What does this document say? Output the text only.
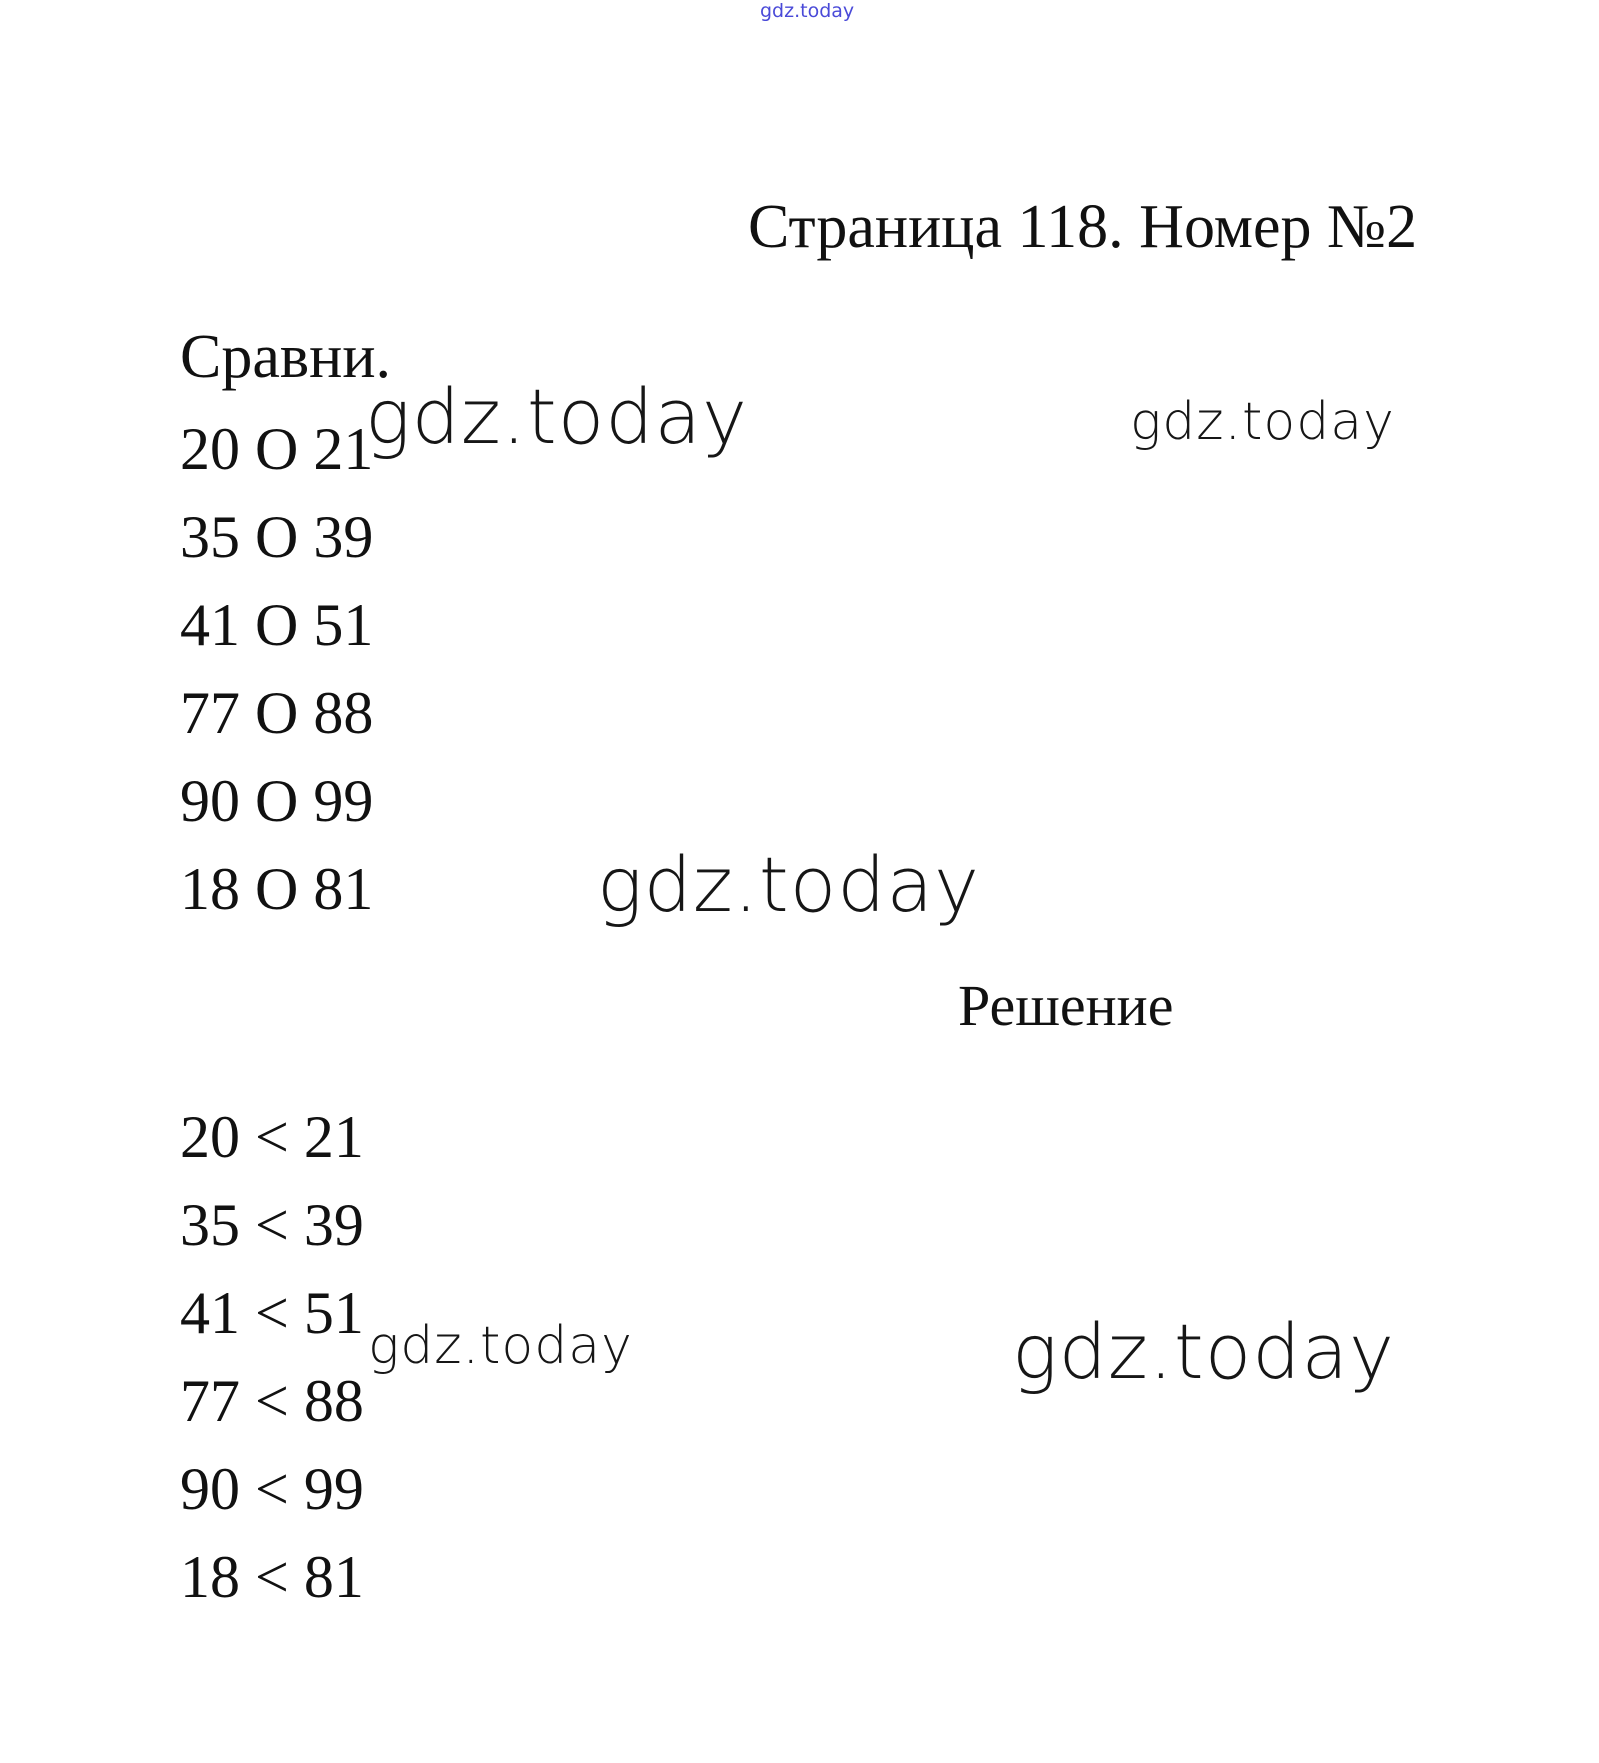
gdz.today
Страница 118. Номер №2
Сравни.
20 O 21
35 O 39
41 O 51
77 O 88
90 O 99
18 O 81
Решение
20 < 21
35 < 39
41 < 51
77 < 88
90 < 99
18 < 81
gdz.today	gdz.today
gdz.today
gdz.today	gdz.today
